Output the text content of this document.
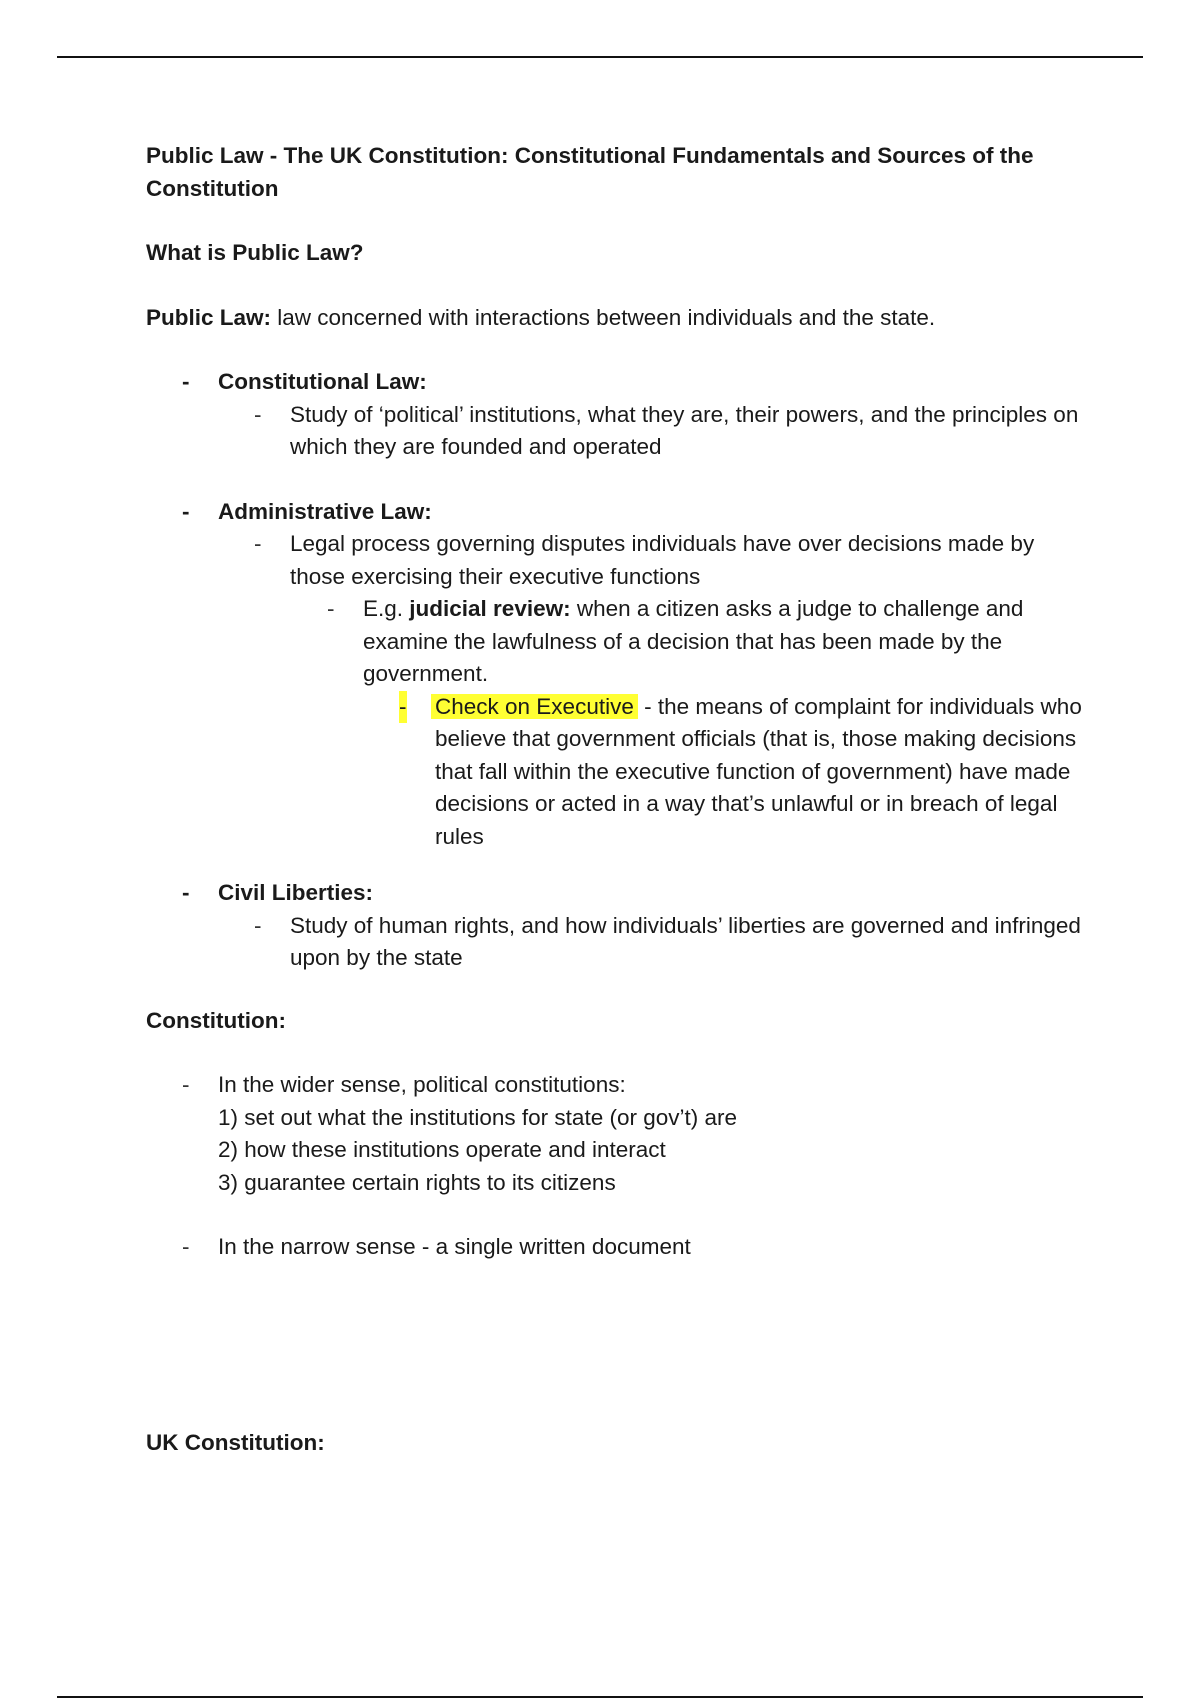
Public Law - The UK Constitution: Constitutional Fundamentals and Sources of the Constitution
What is Public Law?
Public Law: law concerned with interactions between individuals and the state.
- Constitutional Law:
- Study of ‘political’ institutions, what they are, their powers, and the principles on which they are founded and operated
- Administrative Law:
- Legal process governing disputes individuals have over decisions made by those exercising their executive functions
- E.g. judicial review: when a citizen asks a judge to challenge and examine the lawfulness of a decision that has been made by the government.
- Check on Executive - the means of complaint for individuals who believe that government officials (that is, those making decisions that fall within the executive function of government) have made decisions or acted in a way that’s unlawful or in breach of legal rules
- Civil Liberties:
- Study of human rights, and how individuals’ liberties are governed and infringed upon by the state
Constitution:
- In the wider sense, political constitutions:
1) set out what the institutions for state (or gov’t) are
2) how these institutions operate and interact
3) guarantee certain rights to its citizens
- In the narrow sense - a single written document
UK Constitution:
